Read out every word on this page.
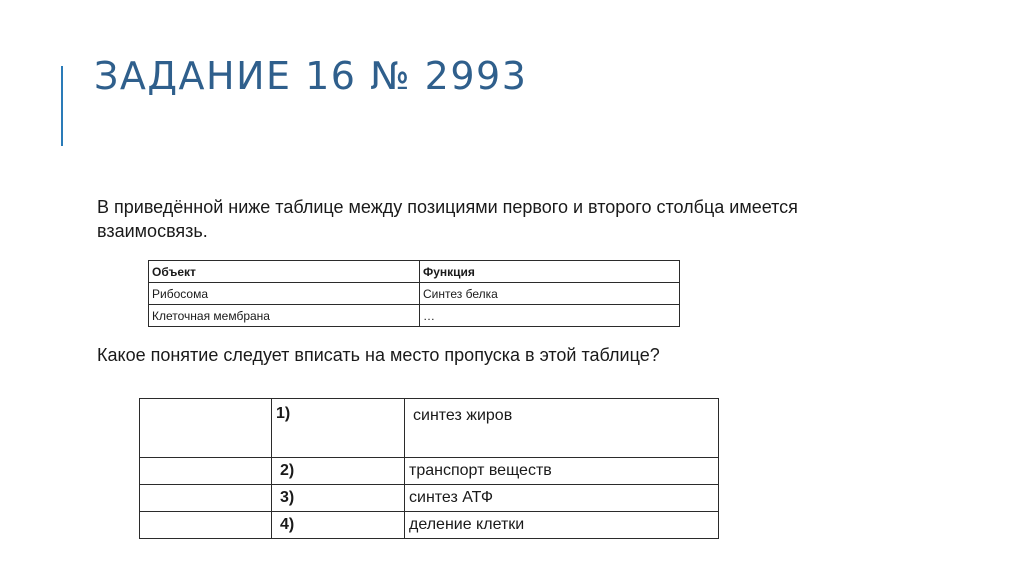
ЗАДАНИЕ 16 № 2993

В приведённой ниже таблице между позициями первого и второго столбца имеется взаимосвязь.

Объект	Функция
Рибосома	Синтез белка
Клеточная мембрана	…

Какое понятие следует вписать на место пропуска в этой таблице?

	1)	синтез жиров
	2)	транспорт веществ
	3)	синтез АТФ
	4)	деление клетки
